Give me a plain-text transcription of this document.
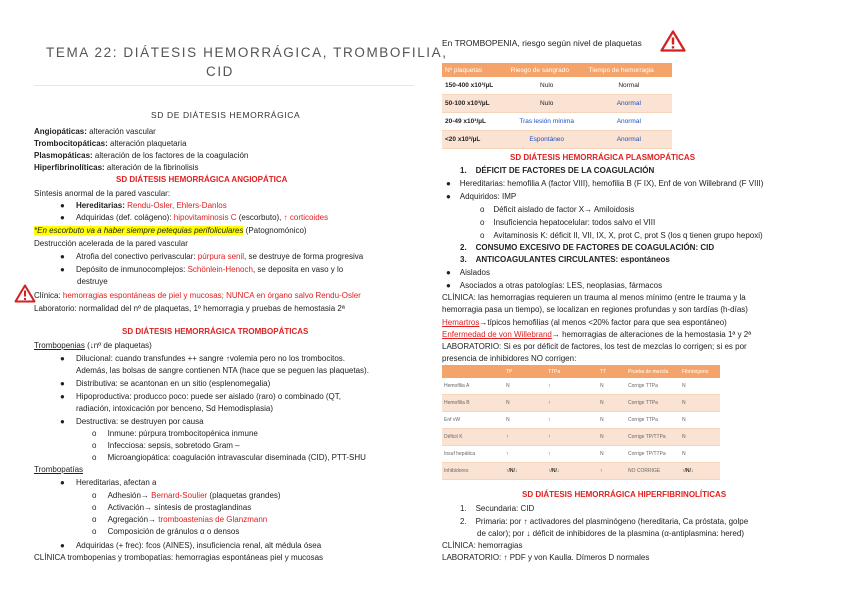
TEMA 22: DIÁTESIS HEMORRÁGICA, TROMBOFILIA,
CID
SD DE DIÁTESIS HEMORRÁGICA
Angiopáticas: alteración vascular
Trombocitopáticas: alteración plaquetaria
Plasmopáticas: alteración de los factores de la coagulación
Hiperfibrinolíticas: alteración de la fibrinolisis
SD DIÁTESIS HEMORRÁGICA ANGIOPÁTICA
Síntesis anormal de la pared vascular:
●     Hereditarias: Rendu-Osler, Ehlers-Danlos
●     Adquiridas (def. colágeno): hipovitaminosis C (escorbuto), ↑ corticoides
*En escorbuto va a haber siempre petequias perifoliculares (Patognomónico)
Destrucción acelerada de la pared vascular
●     Atrofia del conectivo perivascular: púrpura senil, se destruye de forma progresiva
●     Depósito de inmunocomplejos: Schönlein-Henoch, se deposita en vaso y lo
destruye
Clínica: hemorragias espontáneas de piel y mucosas; NUNCA en órgano salvo Rendu-Osler
Laboratorio: normalidad del nº de plaquetas, 1º hemorragia y pruebas de hemostasia 2ª
SD DIÁTESIS HEMORRÁGICA TROMBOPÁTICAS
Trombopenias (↓nº de plaquetas)
●     Dilucional: cuando transfundes ++ sangre ↑volemia pero no los trombocitos.
Además, las bolsas de sangre contienen NTA (hace que se peguen las plaquetas).
●     Distributiva: se acantonan en un sitio (esplenomegalia)
●     Hipoproductiva: producco poco: puede ser aislado (raro) o combinado (QT,
radiación, intoxicación por benceno, Sd Hemodisplasia)
●     Destructiva: se destruyen por causa
o     Inmune: púrpura trombocitopénica inmune
o     Infecciosa: sepsis, sobretodo Gram –
o     Microangiopática: coagulación intravascular diseminada (CID), PTT-SHU
Trombopatías
●     Hereditarias, afectan a
o     Adhesión→ Bernard-Soulier (plaquetas grandes)
o     Activación→ síntesis de prostaglandinas
o     Agregación→ tromboastenias de Glanzmann
o     Composición de gránulos α o densos
●     Adquiridas (+ frec): fcos (AINES), insuficiencia renal, alt médula ósea
CLÍNICA trombopenias y trombopatías: hemorragias espontáneas piel y mucosas
En TROMBOPENIA, riesgo según nivel de plaquetas
Nº plaquetas	Riesgo de sangrado	Tiempo de hemorragia
150-400 x10³/µL	Nulo	Normal
50-100 x10³/µL	Nulo	Anormal
20-49 x10³/µL	Tras lesión mínima	Anormal
<20 x10³/µL	Espontáneo	Anormal
SD DIÁTESIS HEMORRÁGICA PLASMOPÁTICAS
1.    DÉFICIT DE FACTORES DE LA COAGULACIÓN
●    Hereditarias: hemofilia A (factor VIII), hemofilia B (F IX), Enf de von Willebrand (F VIII)
●    Adquiridos: IMP
o    Déficit aislado de factor X→ Amiloidosis
o    Insuficiencia hepatocelular: todos salvo el VIII
o    Avitaminosis K: déficit II, VII, IX, X, prot C, prot S (los q tienen grupo hepoxi)
2.    CONSUMO EXCESIVO DE FACTORES DE COAGULACIÓN: CID
3.    ANTICOAGULANTES CIRCULANTES: espontáneos
●    Aislados
●    Asociados a otras patologías: LES, neoplasias, fármacos
CLÍNICA: las hemorragias requieren un trauma al menos mínimo (entre le trauma y la
hemorragia pasa un tiempo), se localizan en regiones profundas y son tardías (h-días)
Hemartros→típicos hemofilias (al menos <20% factor para que sea espontáneo)
Enfermedad de von Willebrand→ hemorragias de alteraciones de la hemostasia 1ª y 2ª
LABORATORIO: Si es por déficit de factores, los test de mezclas lo corrigen; si es por
presencia de inhibidores NO corrigen:
	TP	TTPa	TT	Prueba de mezcla	Fibrinógeno
Hemofilia A	N	↑	N	Corrige TTPa	N
Hemofilia B	N	↑	N	Corrige TTPa	N
Enf vW	N	↑	N	Corrige TTPa	N
Déficit K	↑	↑	N	Corrige TP/TTPa	N
Insuf hepática	↑	↑	N	Corrige TP/TTPa	N
Inhibidores	↑/N/↓	↑/N/↓	↑	NO CORRIGE	↑/N/↓
SD DIÁTESIS HEMORRÁGICA HIPERFIBRINOLÍTICAS
1.    Secundaria: CID
2.    Primaria: por ↑ activadores del plasminógeno (hereditaria, Ca próstata, golpe
de calor); por ↓ déficit de inhibidores de la plasmina (α-antiplasmina: hered)
CLÍNICA: hemorragias
LABORATORIO: ↑ PDF y von Kaulla. Dímeros D normales
